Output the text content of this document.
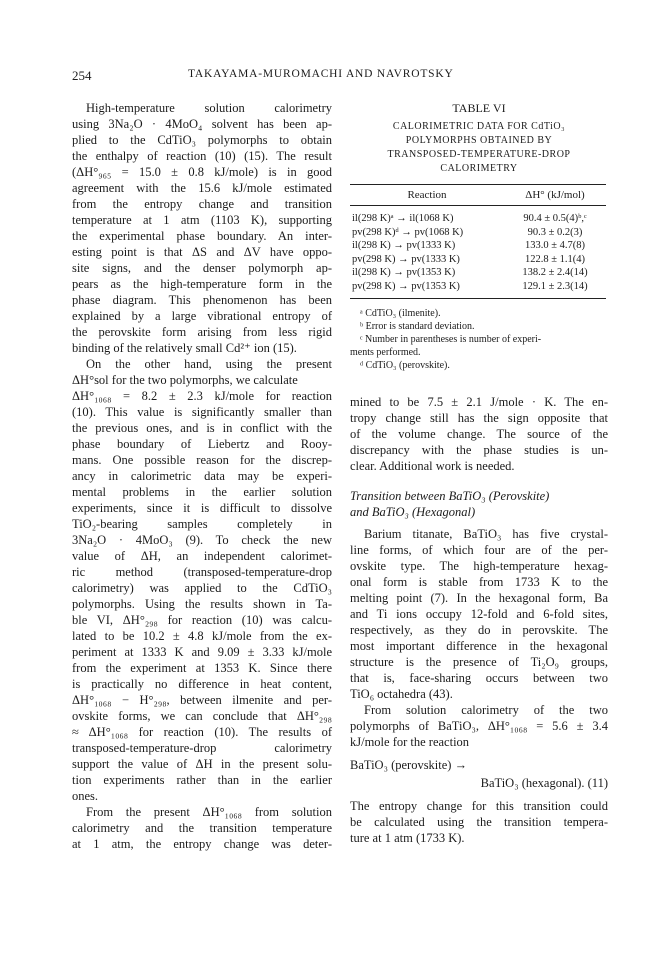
254	TAKAYAMA-MUROMACHI AND NAVROTSKY
High-temperature solution calorimetry
using 3Na₂O · 4MoO₄ solvent has been ap-
plied to the CdTiO₃ polymorphs to obtain
the enthalpy of reaction (10) (15). The result
(ΔH°₉₆₅ = 15.0 ± 0.8 kJ/mole) is in good
agreement with the 15.6 kJ/mole estimated
from the entropy change and transition
temperature at 1 atm (1103 K), supporting
the experimental phase boundary. An inter-
esting point is that ΔS and ΔV have oppo-
site signs, and the denser polymorph ap-
pears as the high-temperature form in the
phase diagram. This phenomenon has been
explained by a large vibrational entropy of
the perovskite form arising from less rigid
binding of the relatively small Cd²⁺ ion (15).
On the other hand, using the present
ΔH°sol for the two polymorphs, we calculate
ΔH°₁₀₆₈ = 8.2 ± 2.3 kJ/mole for reaction
(10). This value is significantly smaller than
the previous ones, and is in conflict with the
phase boundary of Liebertz and Rooy-
mans. One possible reason for the discrep-
ancy in calorimetric data may be experi-
mental problems in the earlier solution
experiments, since it is difficult to dissolve
TiO₂-bearing samples completely in
3Na₂O · 4MoO₃ (9). To check the new
value of ΔH, an independent calorimet-
ric method (transposed-temperature-drop
calorimetry) was applied to the CdTiO₃
polymorphs. Using the results shown in Ta-
ble VI, ΔH°₂₉₈ for reaction (10) was calcu-
lated to be 10.2 ± 4.8 kJ/mole from the ex-
periment at 1333 K and 9.09 ± 3.33 kJ/mole
from the experiment at 1353 K. Since there
is practically no difference in heat content,
ΔH°₁₀₆₈ − H°₂₉₈, between ilmenite and per-
ovskite forms, we can conclude that ΔH°₂₉₈
≈ ΔH°₁₀₆₈ for reaction (10). The results of
transposed-temperature-drop calorimetry
support the value of ΔH in the present solu-
tion experiments rather than in the earlier
ones.
From the present ΔH°₁₀₆₈ from solution
calorimetry and the transition temperature
at 1 atm, the entropy change was deter-
TABLE VI
CALORIMETRIC DATA FOR CdTiO₃
POLYMORPHS OBTAINED BY
TRANSPOSED-TEMPERATURE-DROP
CALORIMETRY
Reaction	ΔH° (kJ/mol)
il(298 K)ᵃ → il(1068 K)	90.4 ± 0.5(4)ᵇ,ᶜ
pv(298 K)ᵈ → pv(1068 K)	90.3 ± 0.2(3)
il(298 K) → pv(1333 K)	133.0 ± 4.7(8)
pv(298 K) → pv(1333 K)	122.8 ± 1.1(4)
il(298 K) → pv(1353 K)	138.2 ± 2.4(14)
pv(298 K) → pv(1353 K)	129.1 ± 2.3(14)
ᵃ CdTiO₃ (ilmenite).
ᵇ Error is standard deviation.
ᶜ Number in parentheses is number of experi-
ments performed.
ᵈ CdTiO₃ (perovskite).
mined to be 7.5 ± 2.1 J/mole · K. The en-
tropy change still has the sign opposite that
of the volume change. The source of the
discrepancy with the phase studies is un-
clear. Additional work is needed.
Transition between BaTiO₃ (Perovskite)
and BaTiO₃ (Hexagonal)
Barium titanate, BaTiO₃ has five crystal-
line forms, of which four are of the per-
ovskite type. The high-temperature hexag-
onal form is stable from 1733 K to the
melting point (7). In the hexagonal form, Ba
and Ti ions occupy 12-fold and 6-fold sites,
respectively, as they do in perovskite. The
most important difference in the hexagonal
structure is the presence of Ti₂O₉ groups,
that is, face-sharing occurs between two
TiO₆ octahedra (43).
From solution calorimetry of the two
polymorphs of BaTiO₃, ΔH°₁₀₆₈ = 5.6 ± 3.4
kJ/mole for the reaction
BaTiO₃ (perovskite) →
BaTiO₃ (hexagonal). (11)
The entropy change for this transition could
be calculated using the transition tempera-
ture at 1 atm (1733 K).
